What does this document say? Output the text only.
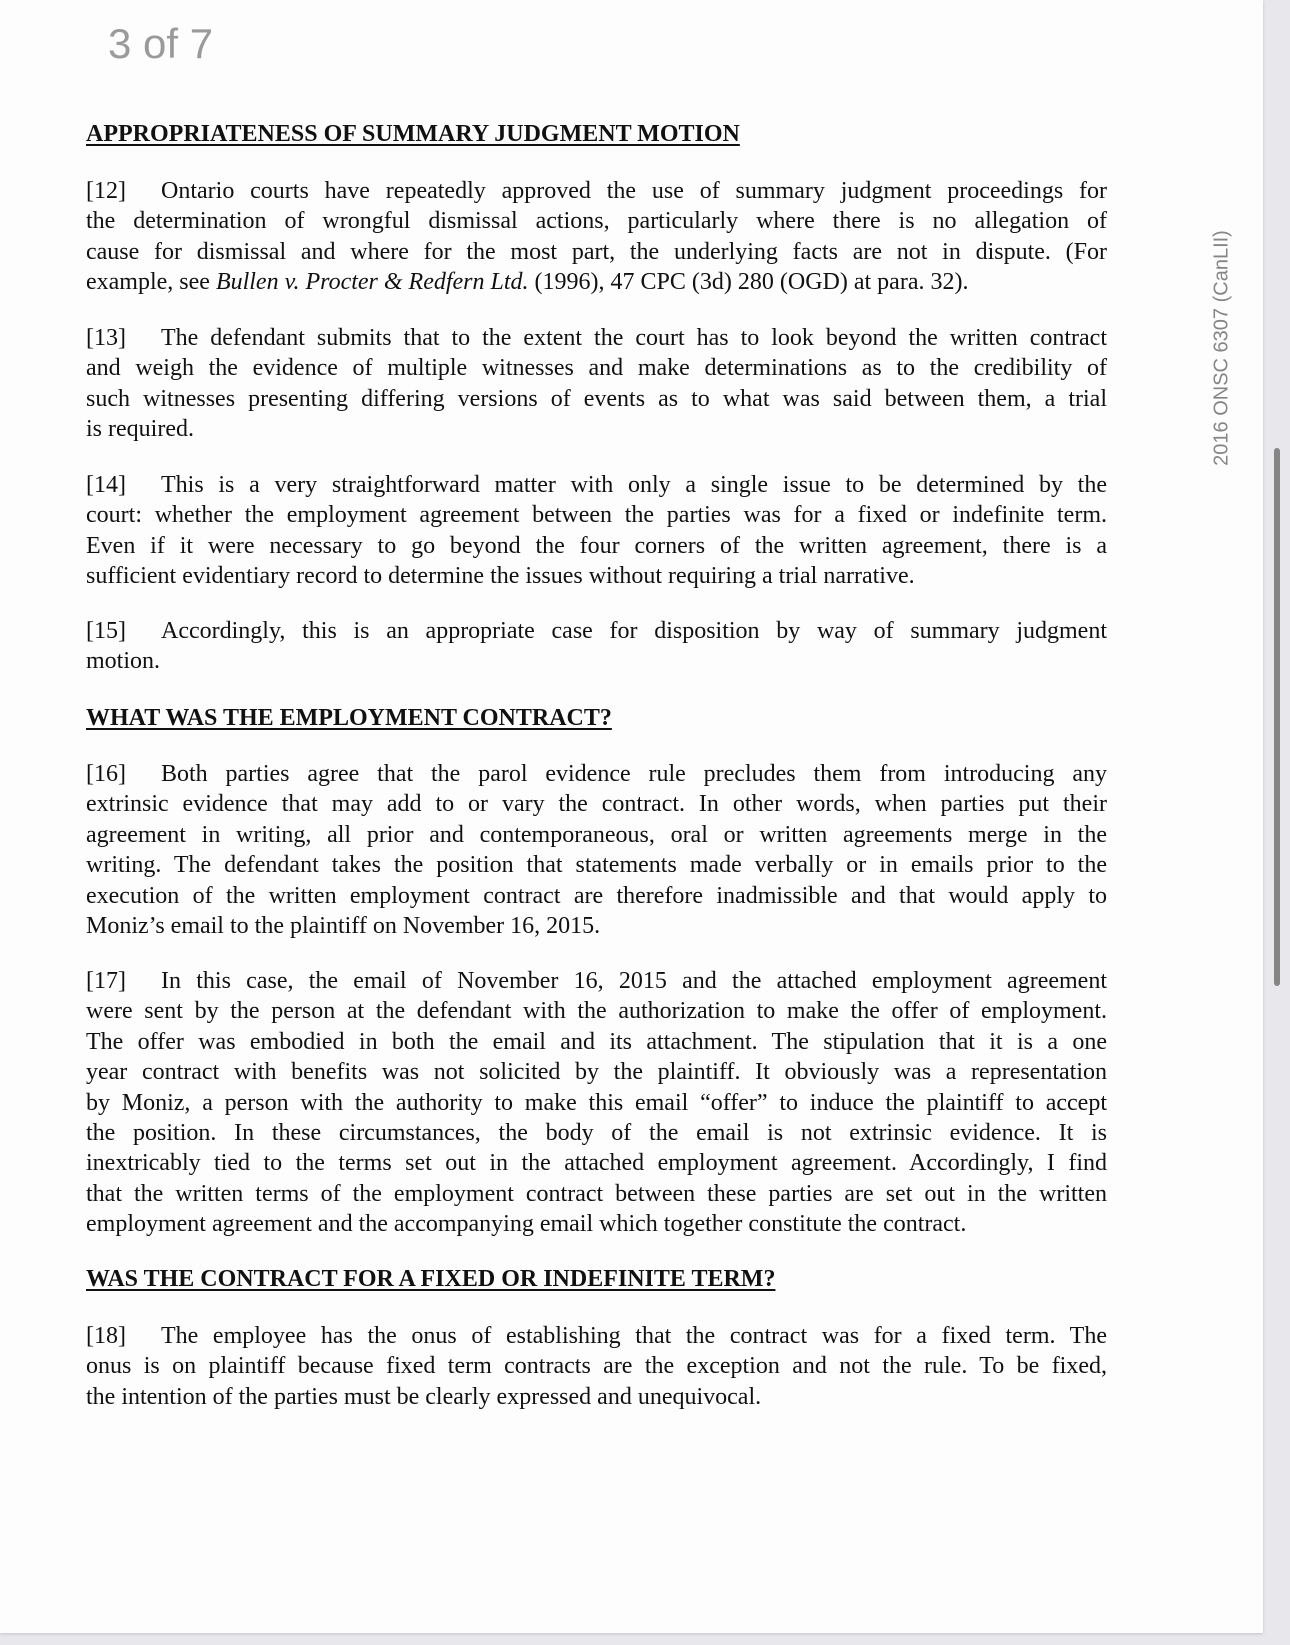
3 of 7
APPROPRIATENESS OF SUMMARY JUDGMENT MOTION
[12] Ontario courts have repeatedly approved the use of summary judgment proceedings for
the determination of wrongful dismissal actions, particularly where there is no allegation of
cause for dismissal and where for the most part, the underlying facts are not in dispute. (For
example, see Bullen v. Procter & Redfern Ltd. (1996), 47 CPC (3d) 280 (OGD) at para. 32).
[13] The defendant submits that to the extent the court has to look beyond the written contract
and weigh the evidence of multiple witnesses and make determinations as to the credibility of
such witnesses presenting differing versions of events as to what was said between them, a trial
is required.
[14] This is a very straightforward matter with only a single issue to be determined by the
court: whether the employment agreement between the parties was for a fixed or indefinite term.
Even if it were necessary to go beyond the four corners of the written agreement, there is a
sufficient evidentiary record to determine the issues without requiring a trial narrative.
[15] Accordingly, this is an appropriate case for disposition by way of summary judgment
motion.
WHAT WAS THE EMPLOYMENT CONTRACT?
[16] Both parties agree that the parol evidence rule precludes them from introducing any
extrinsic evidence that may add to or vary the contract. In other words, when parties put their
agreement in writing, all prior and contemporaneous, oral or written agreements merge in the
writing. The defendant takes the position that statements made verbally or in emails prior to the
execution of the written employment contract are therefore inadmissible and that would apply to
Moniz’s email to the plaintiff on November 16, 2015.
[17] In this case, the email of November 16, 2015 and the attached employment agreement
were sent by the person at the defendant with the authorization to make the offer of employment.
The offer was embodied in both the email and its attachment. The stipulation that it is a one
year contract with benefits was not solicited by the plaintiff. It obviously was a representation
by Moniz, a person with the authority to make this email “offer” to induce the plaintiff to accept
the position. In these circumstances, the body of the email is not extrinsic evidence. It is
inextricably tied to the terms set out in the attached employment agreement. Accordingly, I find
that the written terms of the employment contract between these parties are set out in the written
employment agreement and the accompanying email which together constitute the contract.
WAS THE CONTRACT FOR A FIXED OR INDEFINITE TERM?
[18] The employee has the onus of establishing that the contract was for a fixed term. The
onus is on plaintiff because fixed term contracts are the exception and not the rule. To be fixed,
the intention of the parties must be clearly expressed and unequivocal.
2016 ONSC 6307 (CanLII)
